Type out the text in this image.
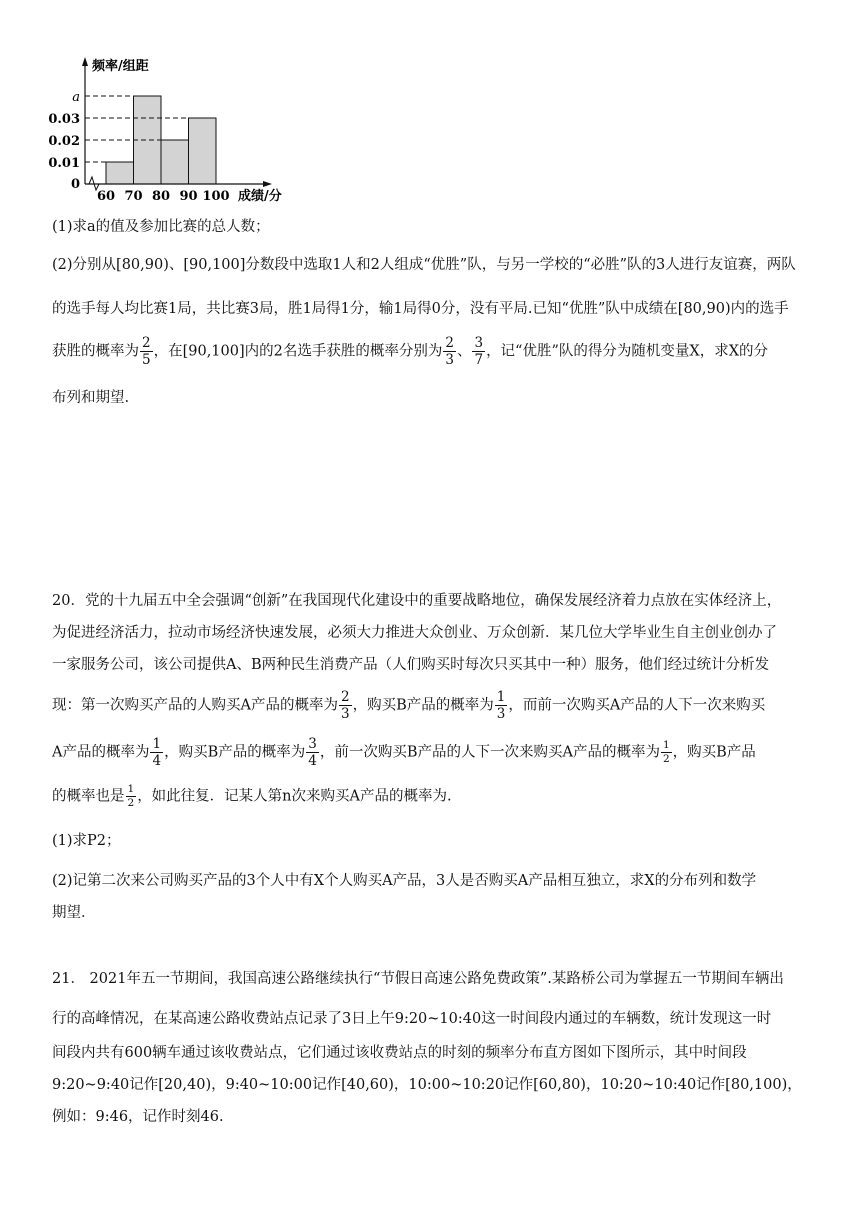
频率/组距
成绩/分
0
0.01
0.02
0.03
a
60 70 80 90 100
(1)求a的值及参加比赛的总人数；
(2)分别从[80,90)、[90,100]分数段中选取1人和2人组成“优胜”队，与另一学校的“必胜”队的3人进行友谊赛，两队
的选手每人均比赛1局，共比赛3局，胜1局得1分，输1局得0分，没有平局.已知“优胜”队中成绩在[80,90)内的选手
获胜的概率为 $\frac{2}{5}$ ，在[90,100]内的2名选手获胜的概率分别为 $\frac{2}{3}$ 、 $\frac{3}{7}$ ，记“优胜”队的得分为随机变量X，求X的分
布列和期望.
20．党的十九届五中全会强调“创新”在我国现代化建设中的重要战略地位，确保发展经济着力点放在实体经济上，
为促进经济活力，拉动市场经济快速发展，必须大力推进大众创业、万众创新．某几位大学毕业生自主创业创办了
一家服务公司，该公司提供A、B两种民生消费产品（人们购买时每次只买其中一种）服务，他们经过统计分析发
现：第一次购买产品的人购买A产品的概率为 $\frac{2}{3}$ ，购买B产品的概率为 $\frac{1}{3}$ ，而前一次购买A产品的人下一次来购买
A产品的概率为 $\frac{1}{4}$ ，购买B产品的概率为 $\frac{3}{4}$ ，前一次购买B产品的人下一次来购买A产品的概率为 $\frac{1}{2}$ ，购买B产品
的概率也是 $\frac{1}{2}$ ，如此往复．记某人第n次来购买A产品的概率为.
(1)求P2；
(2)记第二次来公司购买产品的3个人中有X个人购买A产品，3人是否购买A产品相互独立，求X的分布列和数学
期望．
21． 2021年五一节期间，我国高速公路继续执行“节假日高速公路免费政策”.某路桥公司为掌握五一节期间车辆出
行的高峰情况，在某高速公路收费站点记录了3日上午9:20~10:40这一时间段内通过的车辆数，统计发现这一时
间段内共有600辆车通过该收费站点，它们通过该收费站点的时刻的频率分布直方图如下图所示，其中时间段
9:20~9:40记作[20,40)，9:40~10:00记作[40,60)，10:00~10:20记作[60,80)，10:20~10:40记作[80,100)，
例如：9:46，记作时刻46.
